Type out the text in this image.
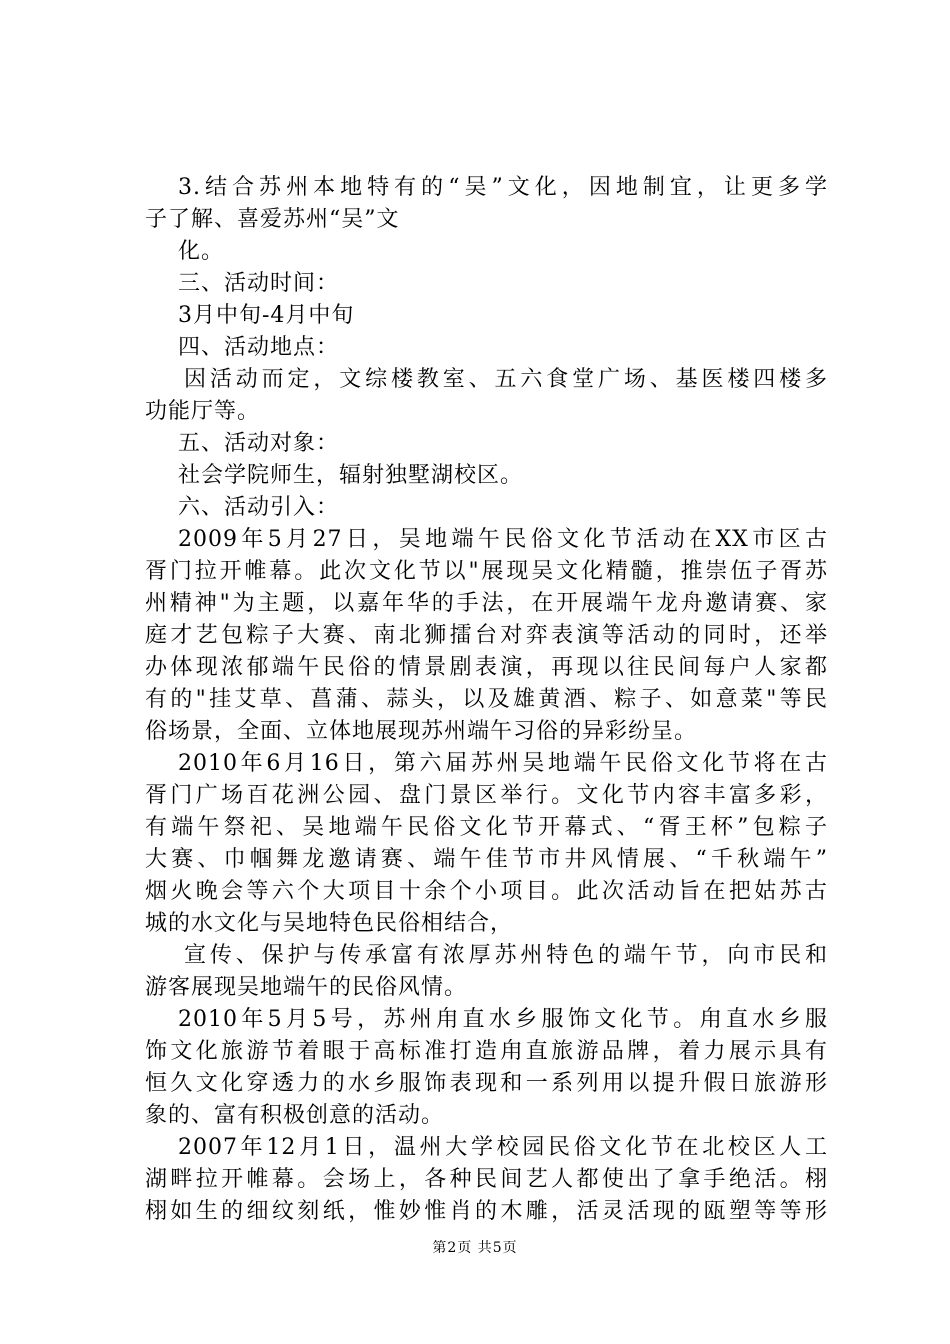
3.结合苏州本地特有的“吴”文化，因地制宜，让更多学
子了解、喜爱苏州“吴”文
化。
三、活动时间：
3月中旬-4月中旬
四、活动地点：
因活动而定，文综楼教室、五六食堂广场、基医楼四楼多
功能厅等。
五、活动对象：
社会学院师生，辐射独墅湖校区。
六、活动引入：
2009年5月27日，吴地端午民俗文化节活动在XX市区古
胥门拉开帷幕。此次文化节以"展现吴文化精髓，推崇伍子胥苏
州精神"为主题，以嘉年华的手法，在开展端午龙舟邀请赛、家
庭才艺包粽子大赛、南北狮擂台对弈表演等活动的同时，还举
办体现浓郁端午民俗的情景剧表演，再现以往民间每户人家都
有的"挂艾草、菖蒲、蒜头，以及雄黄酒、粽子、如意菜"等民
俗场景，全面、立体地展现苏州端午习俗的异彩纷呈。
2010年6月16日，第六届苏州吴地端午民俗文化节将在古
胥门广场百花洲公园、盘门景区举行。文化节内容丰富多彩，
有端午祭祀、吴地端午民俗文化节开幕式、“胥王杯”包粽子
大赛、巾帼舞龙邀请赛、端午佳节市井风情展、“千秋端午”
烟火晚会等六个大项目十余个小项目。此次活动旨在把姑苏古
城的水文化与吴地特色民俗相结合，
宣传、保护与传承富有浓厚苏州特色的端午节，向市民和
游客展现吴地端午的民俗风情。
2010年5月5号，苏州甪直水乡服饰文化节。甪直水乡服
饰文化旅游节着眼于高标准打造甪直旅游品牌，着力展示具有
恒久文化穿透力的水乡服饰表现和一系列用以提升假日旅游形
象的、富有积极创意的活动。
2007年12月1日，温州大学校园民俗文化节在北校区人工
湖畔拉开帷幕。会场上，各种民间艺人都使出了拿手绝活。栩
栩如生的细纹刻纸，惟妙惟肖的木雕，活灵活现的瓯塑等等形
第2页 共5页
